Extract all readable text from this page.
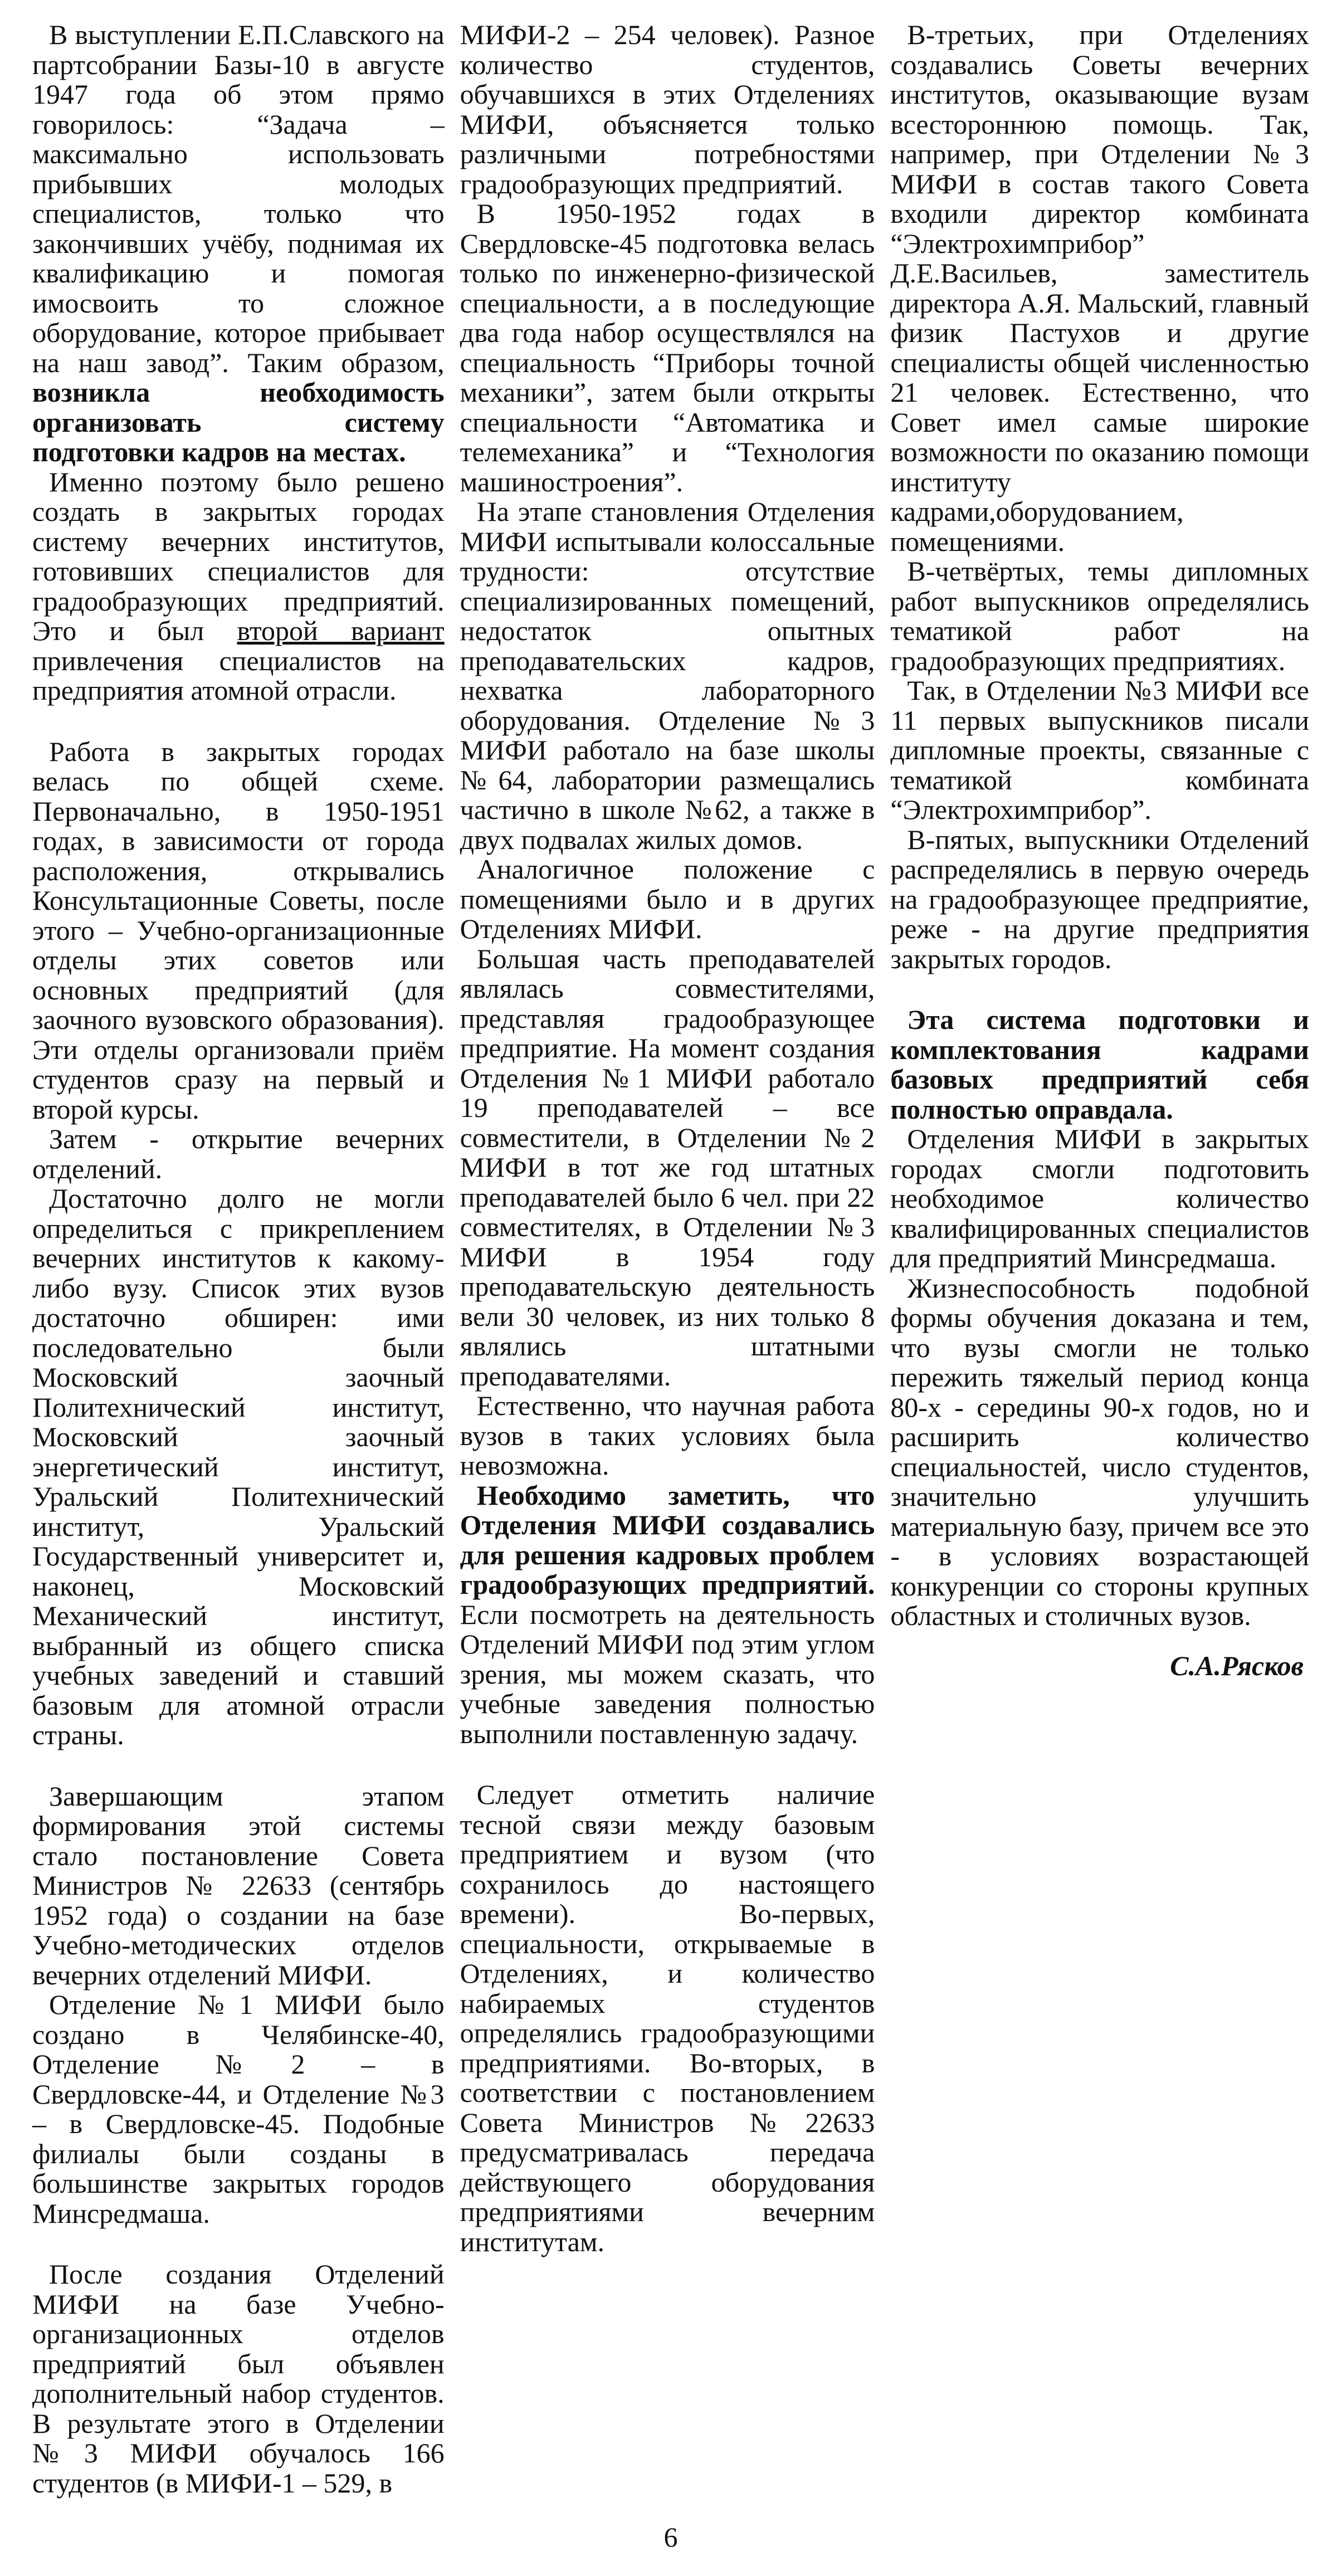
В выступлении Е.П.Славского на партсобрании Базы-10 в августе 1947 года об этом прямо говорилось: “Задача – максимально использовать прибывших молодых специалистов, только что закончивших учёбу, поднимая их квалификацию и помогая имосвоить то сложное оборудование, которое прибывает на наш завод”. Таким образом, возникла необходимость организовать систему подготовки кадров на местах.

Именно поэтому было решено создать в закрытых городах систему вечерних институтов, готовивших специалистов для градообразующих предприятий. Это и был второй вариант привлечения специалистов на предприятия атомной отрасли.

Работа в закрытых городах велась по общей схеме. Первоначально, в 1950-1951 годах, в зависимости от города расположения, открывались Консультационные Советы, после этого – Учебно-организационные отделы этих советов или основных предприятий (для заочного вузовского образования). Эти отделы организовали приём студентов сразу на первый и второй курсы.

Затем - открытие вечерних отделений.

Достаточно долго не могли определиться с прикреплением вечерних институтов к какому-либо вузу. Список этих вузов достаточно обширен: ими последовательно были Московский заочный Политехнический институт, Московский заочный энергетический институт, Уральский Политехнический институт, Уральский Государственный университет и, наконец, Московский Механический институт, выбранный из общего списка учебных заведений и ставший базовым для атомной отрасли страны.

Завершающим этапом формирования этой системы стало постановление Совета Министров № 22633 (сентябрь 1952 года) о создании на базе Учебно-методических отделов вечерних отделений МИФИ.

Отделение №1 МИФИ было создано в Челябинске-40, Отделение №2 – в Свердловске-44, и Отделение №3 – в Свердловске-45. Подобные филиалы были созданы в большинстве закрытых городов Минсредмаша.

После создания Отделений МИФИ на базе Учебно-организационных отделов предприятий был объявлен дополнительный набор студентов. В результате этого в Отделении №3 МИФИ обучалось 166 студентов (в МИФИ-1 – 529, в

МИФИ-2 – 254 человек). Разное количество студентов, обучавшихся в этих Отделениях МИФИ, объясняется только различными потребностями градообразующих предприятий.

В 1950-1952 годах в Свердловске-45 подготовка велась только по инженерно-физической специальности, а в последующие два года набор осуществлялся на специальность “Приборы точной механики”, затем были открыты специальности “Автоматика и телемеханика” и “Технология машиностроения”.

На этапе становления Отделения МИФИ испытывали колоссальные трудности: отсутствие специализированных помещений, недостаток опытных преподавательских кадров, нехватка лабораторного оборудования. Отделение №3 МИФИ работало на базе школы №64, лаборатории размещались частично в школе №62, а также в двух подвалах жилых домов.

Аналогичное положение с помещениями было и в других Отделениях МИФИ.

Большая часть преподавателей являлась совместителями, представляя градообразующее предприятие. На момент создания Отделения №1 МИФИ работало 19 преподавателей – все совместители, в Отделении №2 МИФИ в тот же год штатных преподавателей было 6 чел. при 22 совместителях, в Отделении №3 МИФИ в 1954 году преподавательскую деятельность вели 30 человек, из них только 8 являлись штатными преподавателями.

Естественно, что научная работа вузов в таких условиях была невозможна.

Необходимо заметить, что Отделения МИФИ создавались для решения кадровых проблем градообразующих предприятий. Если посмотреть на деятельность Отделений МИФИ под этим углом зрения, мы можем сказать, что учебные заведения полностью выполнили поставленную задачу.

Следует отметить наличие тесной связи между базовым предприятием и вузом (что сохранилось до настоящего времени). Во-первых, специальности, открываемые в Отделениях, и количество набираемых студентов определялись градообразующими предприятиями. Во-вторых, в соответствии с постановлением Совета Министров №22633 предусматривалась передача действующего оборудования предприятиями вечерним институтам.

В-третьих, при Отделениях создавались Советы вечерних институтов, оказывающие вузам всестороннюю помощь. Так, например, при Отделении №3 МИФИ в состав такого Совета входили директор комбината “Электрохимприбор” Д.Е.Васильев, заместитель директора А.Я. Мальский, главный физик Пастухов и другие специалисты общей численностью 21 человек. Естественно, что Совет имел самые широкие возможности по оказанию помощи институту кадрами,оборудованием, помещениями.

В-четвёртых, темы дипломных работ выпускников определялись тематикой работ на градообразующих предприятиях.

Так, в Отделении №3 МИФИ все 11 первых выпускников писали дипломные проекты, связанные с тематикой комбината “Электрохимприбор”.

В-пятых, выпускники Отделений распределялись в первую очередь на градообразующее предприятие, реже - на другие предприятия закрытых городов.

Эта система подготовки и комплектования кадрами базовых предприятий себя полностью оправдала.

Отделения МИФИ в закрытых городах смогли подготовить необходимое количество квалифицированных специалистов для предприятий Минсредмаша.

Жизнеспособность подобной формы обучения доказана и тем, что вузы смогли не только пережить тяжелый период конца 80-х - середины 90-х годов, но и расширить количество специальностей, число студентов, значительно улучшить материальную базу, причем все это - в условиях возрастающей конкуренции со стороны крупных областных и столичных вузов.

С.А.Рясков
6
